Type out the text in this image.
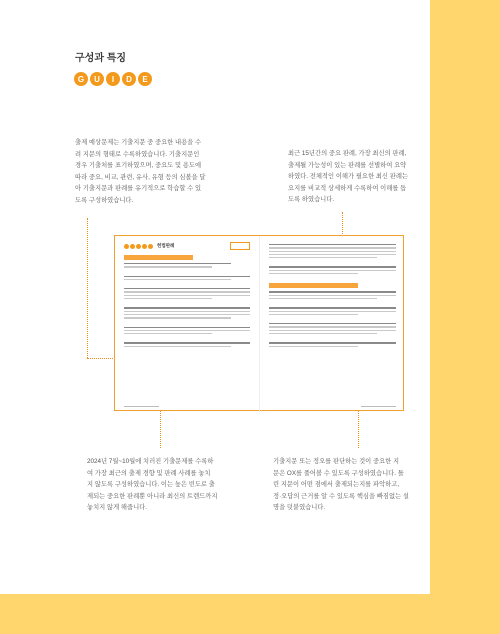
구성과 특징
G	U	I	D	E

출제 예상문제는 기출지문 중 중요한 내용을 수

려 지문의 형태로 수록하였습니다. 기출지문인

경우 기출처를 표기하였으며, 중요도 및 용도에

따라 중요, 비교, 관련, 유사, 유형 등의 심볼을 달

아 기출지문과 판례를 유기적으로 학습할 수 있

도록 구성하였습니다.

최근 15년간의 중요 판례, 가장 최신의 판례,

출제될 가능성이 있는 판례를 선별하여 요약

하였다. 전체적인 이해가 필요한 최신 판례는

요지를 비교적 상세하게 수록하여 이해를 돕

도록 하였습니다.

헌법판례

2024년 7월~10월에 치러진 기출문제를 수록하

여 가장 최근의 출제 경향 및 판례 사례를 놓치

지 않도록 구성하였습니다. 이는 높은 빈도로 출

제되는 중요한 판례뿐 아니라 최신의 트렌드까지

놓치지 않게 해줍니다.

기출지문 또는 정오를 판단하는 것이 중요한 지

문은 OX를 풀어볼 수 있도록 구성하였습니다. 틀

린 지문이 어떤 점에서 출제되는지를 파악하고,

정·오답의 근거를 알 수 있도록 핵심을 빠짐없는 설

명을 덧붙였습니다.
